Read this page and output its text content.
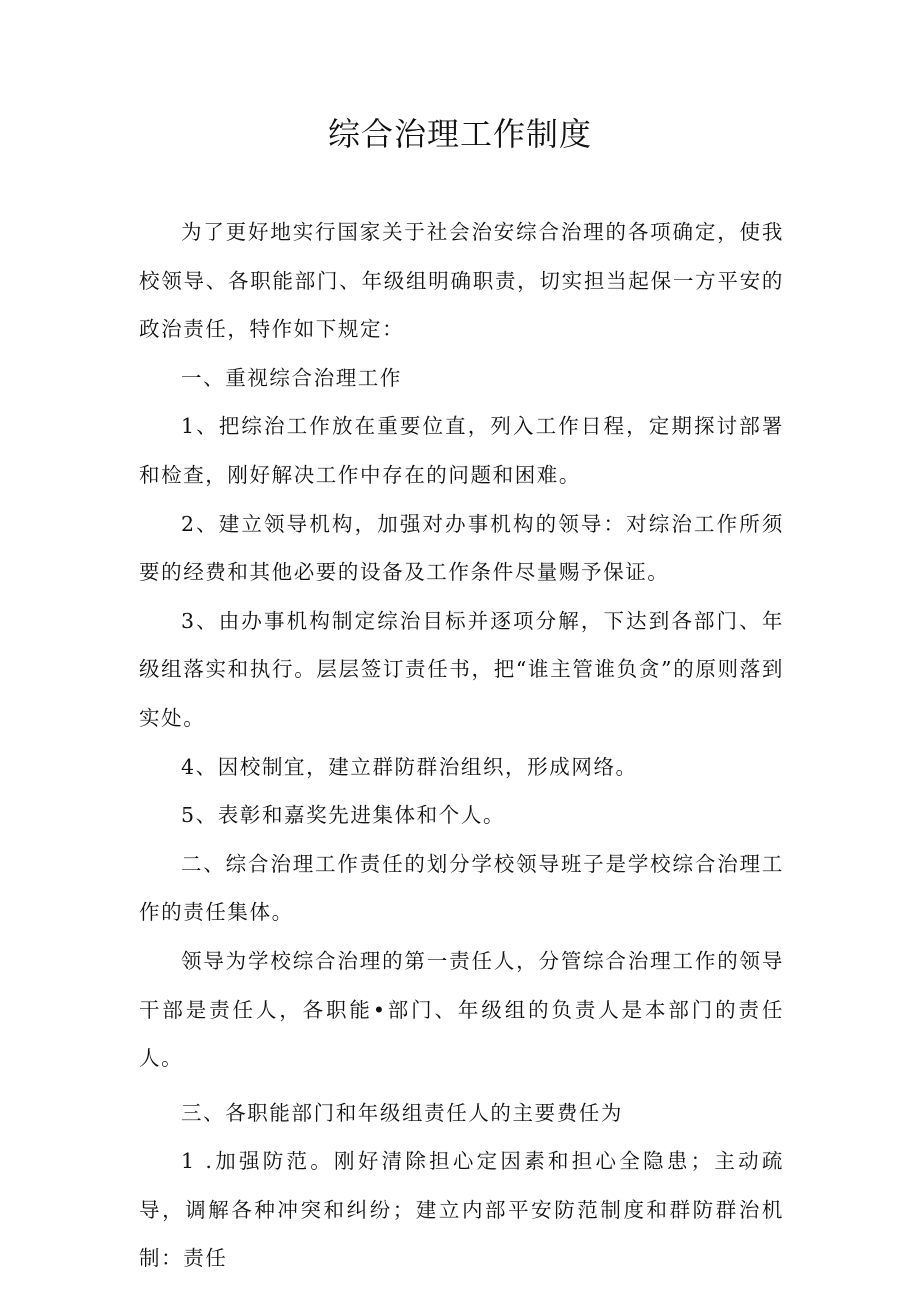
综合治理工作制度

为了更好地实行国家关于社会治安综合治理的各项确定，使我校领导、各职能部门、年级组明确职责，切实担当起保一方平安的政治责任，特作如下规定：

一、重视综合治理工作

1、把综治工作放在重要位直，列入工作日程，定期探讨部署和检查，刚好解决工作中存在的问题和困难。

2、建立领导机构，加强对办事机构的领导：对综治工作所须要的经费和其他必要的设备及工作条件尽量赐予保证。

3、由办事机构制定综治目标并逐项分解，下达到各部门、年级组落实和执行。层层签订责任书，把“谁主管谁负贪”的原则落到实处。

4、因校制宜，建立群防群治组织，形成网络。

5、表彰和嘉奖先进集体和个人。

二、综合治理工作责任的划分学校领导班子是学校综合治理工作的责任集体。

领导为学校综合治理的第一责任人，分管综合治理工作的领导干部是责任人，各职能•部门、年级组的负责人是本部门的责任人。

三、各职能部门和年级组责任人的主要费任为

1 .加强防范。刚好清除担心定因素和担心全隐患；主动疏导，调解各种冲突和纠纷；建立内部平安防范制度和群防群治机制：责任
